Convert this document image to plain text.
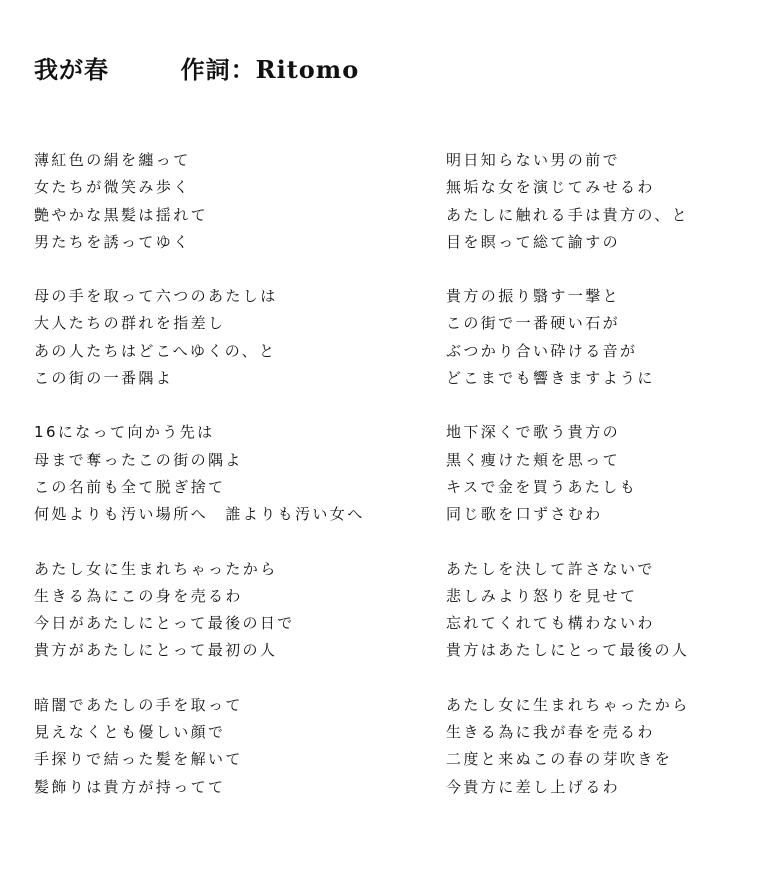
我が春	作詞：Ritomo
薄紅色の絹を纏って
女たちが微笑み歩く
艶やかな黒髪は揺れて
男たちを誘ってゆく
母の手を取って六つのあたしは
大人たちの群れを指差し
あの人たちはどこへゆくの、と
この街の一番隅よ
16になって向かう先は
母まで奪ったこの街の隅よ
この名前も全て脱ぎ捨て
何処よりも汚い場所へ　誰よりも汚い女へ
あたし女に生まれちゃったから
生きる為にこの身を売るわ
今日があたしにとって最後の日で
貴方があたしにとって最初の人
暗闇であたしの手を取って
見えなくとも優しい顔で
手探りで結った髪を解いて
髪飾りは貴方が持ってて
明日知らない男の前で
無垢な女を演じてみせるわ
あたしに触れる手は貴方の、と
目を瞑って総て諭すの
貴方の振り翳す一撃と
この街で一番硬い石が
ぶつかり合い砕ける音が
どこまでも響きますように
地下深くで歌う貴方の
黒く痩けた頬を思って
キスで金を買うあたしも
同じ歌を口ずさむわ
あたしを決して許さないで
悲しみより怒りを見せて
忘れてくれても構わないわ
貴方はあたしにとって最後の人
あたし女に生まれちゃったから
生きる為に我が春を売るわ
二度と来ぬこの春の芽吹きを
今貴方に差し上げるわ
